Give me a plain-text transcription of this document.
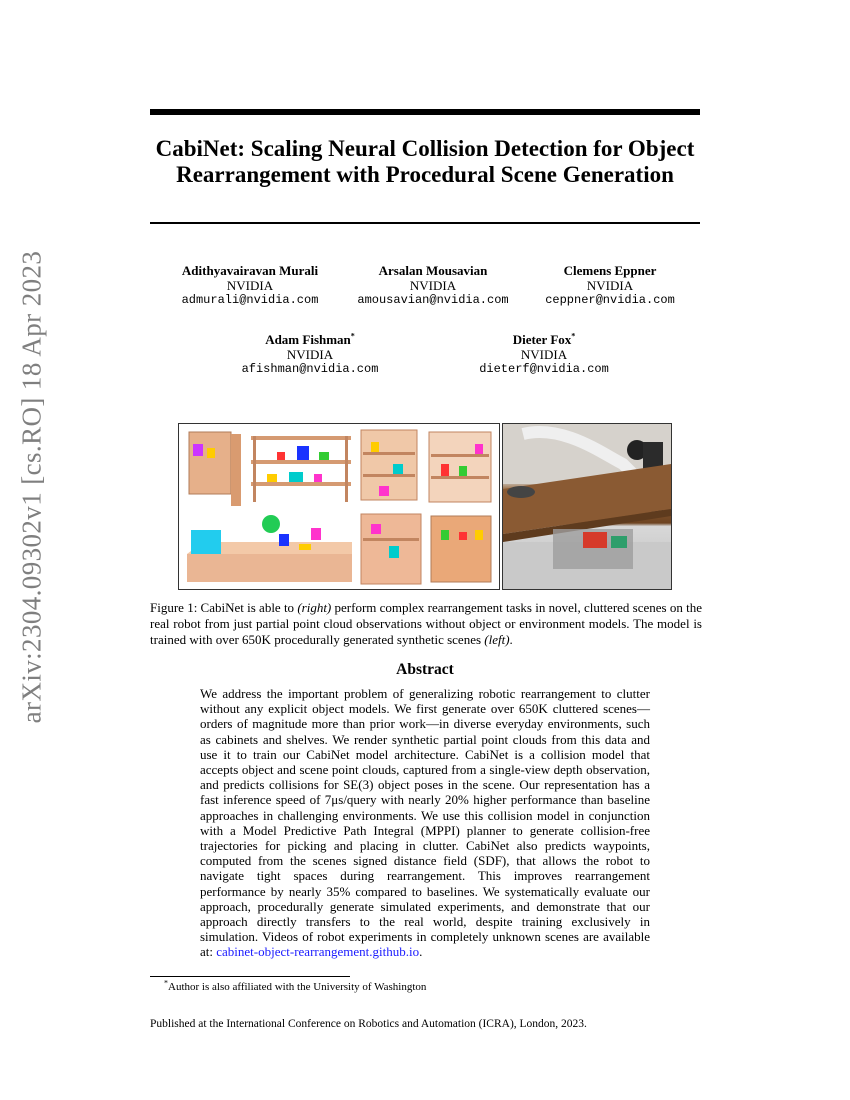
arXiv:2304.09302v1 [cs.RO] 18 Apr 2023
CabiNet: Scaling Neural Collision Detection for Object Rearrangement with Procedural Scene Generation
Adithyavairavan Murali
NVIDIA
admurali@nvidia.com
Arsalan Mousavian
NVIDIA
amousavian@nvidia.com
Clemens Eppner
NVIDIA
ceppner@nvidia.com
Adam Fishman*
NVIDIA
afishman@nvidia.com
Dieter Fox*
NVIDIA
dieterf@nvidia.com
Figure 1: CabiNet is able to (right) perform complex rearrangement tasks in novel, cluttered scenes on the real robot from just partial point cloud observations without object or environment models. The model is trained with over 650K procedurally generated synthetic scenes (left).
Abstract
We address the important problem of generalizing robotic rearrangement to clutter without any explicit object models. We first generate over 650K cluttered scenes—orders of magnitude more than prior work—in diverse everyday environments, such as cabinets and shelves. We render synthetic partial point clouds from this data and use it to train our CabiNet model architecture. CabiNet is a collision model that accepts object and scene point clouds, captured from a single-view depth observation, and predicts collisions for SE(3) object poses in the scene. Our representation has a fast inference speed of 7μs/query with nearly 20% higher performance than baseline approaches in challenging environments. We use this collision model in conjunction with a Model Predictive Path Integral (MPPI) planner to generate collision-free trajectories for picking and placing in clutter. CabiNet also predicts waypoints, computed from the scenes signed distance field (SDF), that allows the robot to navigate tight spaces during rearrangement. This improves rearrangement performance by nearly 35% compared to baselines. We systematically evaluate our approach, procedurally generate simulated experiments, and demonstrate that our approach directly transfers to the real world, despite training exclusively in simulation. Videos of robot experiments in completely unknown scenes are available at: cabinet-object-rearrangement.github.io.
*Author is also affiliated with the University of Washington
Published at the International Conference on Robotics and Automation (ICRA), London, 2023.
